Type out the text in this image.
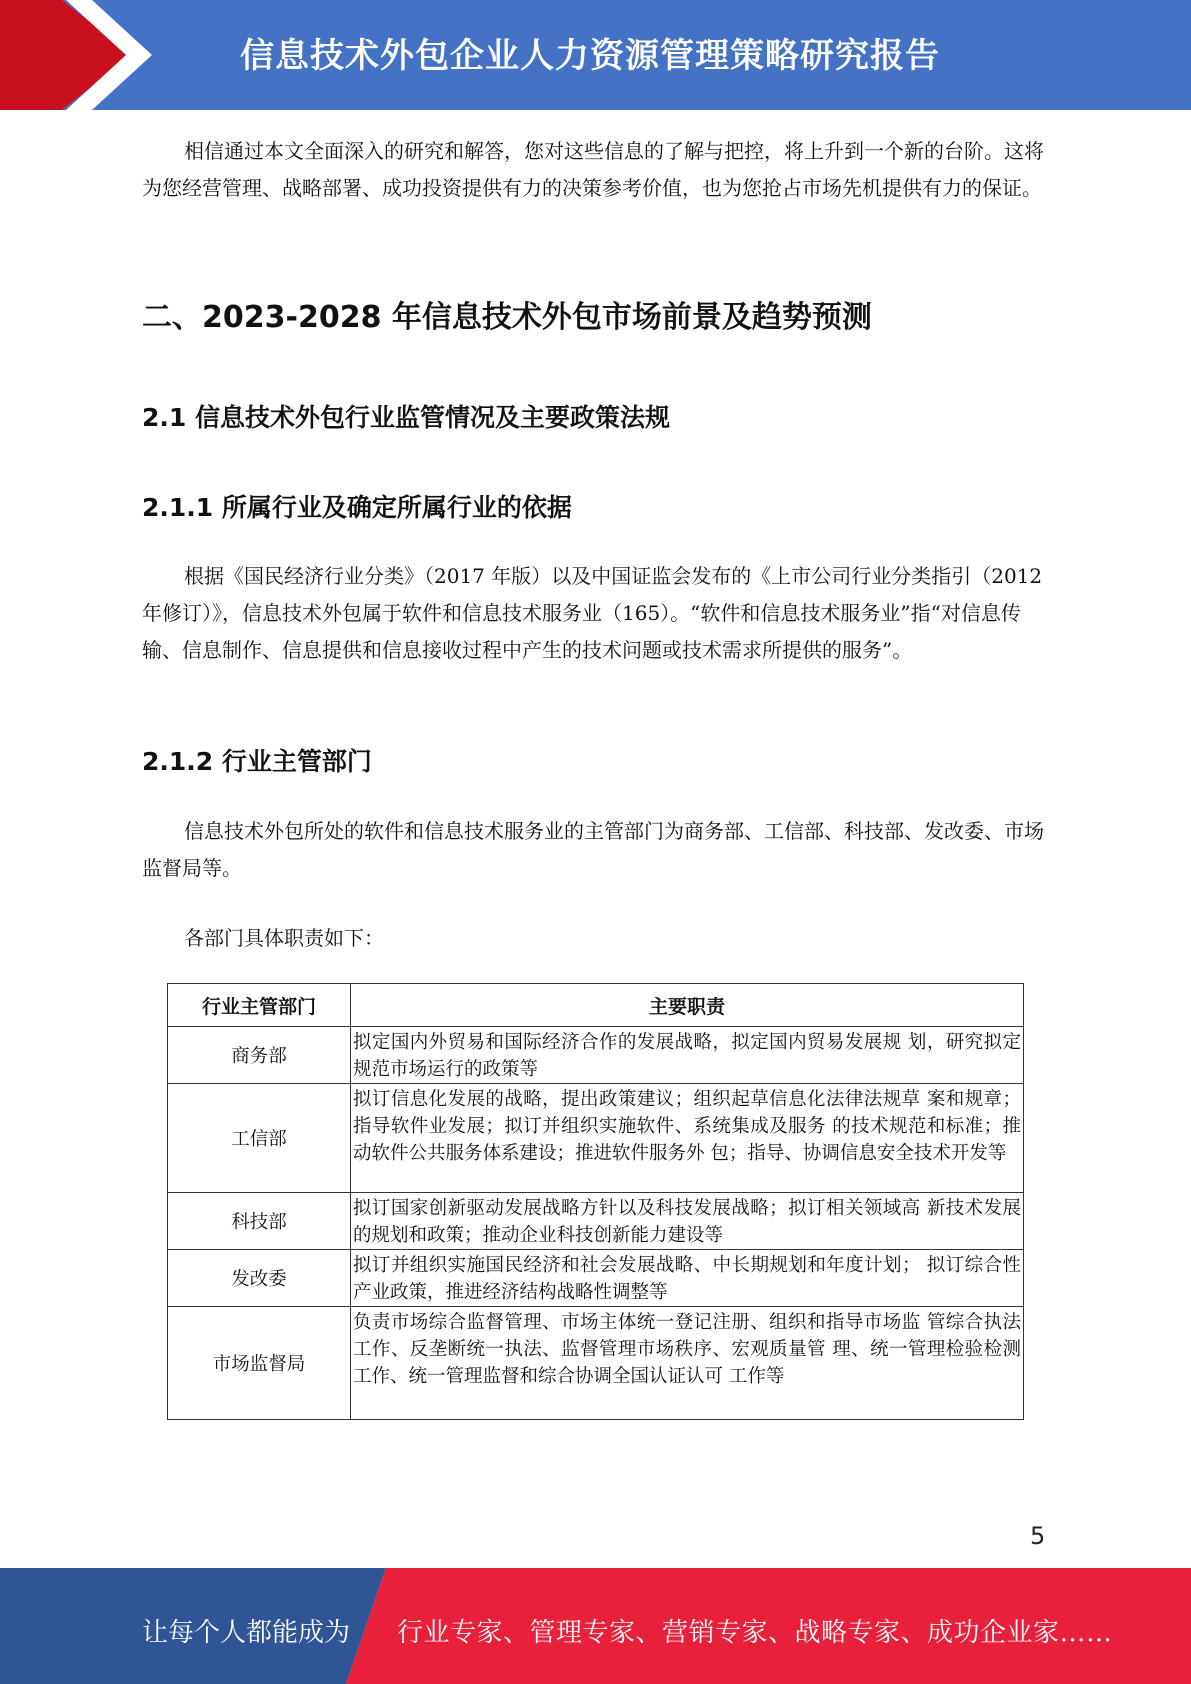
信息技术外包企业人力资源管理策略研究报告

相信通过本文全面深入的研究和解答，您对这些信息的了解与把控，将上升到一个新的台阶。这将为您经营管理、战略部署、成功投资提供有力的决策参考价值，也为您抢占市场先机提供有力的保证。

二、2023-2028 年信息技术外包市场前景及趋势预测
2.1 信息技术外包行业监管情况及主要政策法规
2.1.1 所属行业及确定所属行业的依据

根据《国民经济行业分类》（2017 年版）以及中国证监会发布的《上市公司行业分类指引（2012 年修订）》，信息技术外包属于软件和信息技术服务业（165）。“软件和信息技术服务业”指“对信息传输、信息制作、信息提供和信息接收过程中产生的技术问题或技术需求所提供的服务”。

2.1.2 行业主管部门

信息技术外包所处的软件和信息技术服务业的主管部门为商务部、工信部、科技部、发改委、市场监督局等。

各部门具体职责如下：

行业主管部门	主要职责
商务部	拟定国内外贸易和国际经济合作的发展战略，拟定国内贸易发展规 划，研究拟定规范市场运行的政策等
工信部	拟订信息化发展的战略，提出政策建议；组织起草信息化法律法规草 案和规章；指导软件业发展；拟订并组织实施软件、系统集成及服务 的技术规范和标准；推动软件公共服务体系建设；推进软件服务外 包；指导、协调信息安全技术开发等
科技部	拟订国家创新驱动发展战略方针以及科技发展战略；拟订相关领域高 新技术发展的规划和政策；推动企业科技创新能力建设等
发改委	拟订并组织实施国民经济和社会发展战略、中长期规划和年度计划； 拟订综合性产业政策，推进经济结构战略性调整等
市场监督局	负责市场综合监督管理、市场主体统一登记注册、组织和指导市场监 管综合执法工作、反垄断统一执法、监督管理市场秩序、宏观质量管 理、统一管理检验检测工作、统一管理监督和综合协调全国认证认可 工作等
5
让每个人都能成为 行业专家、管理专家、营销专家、战略专家、成功企业家……
